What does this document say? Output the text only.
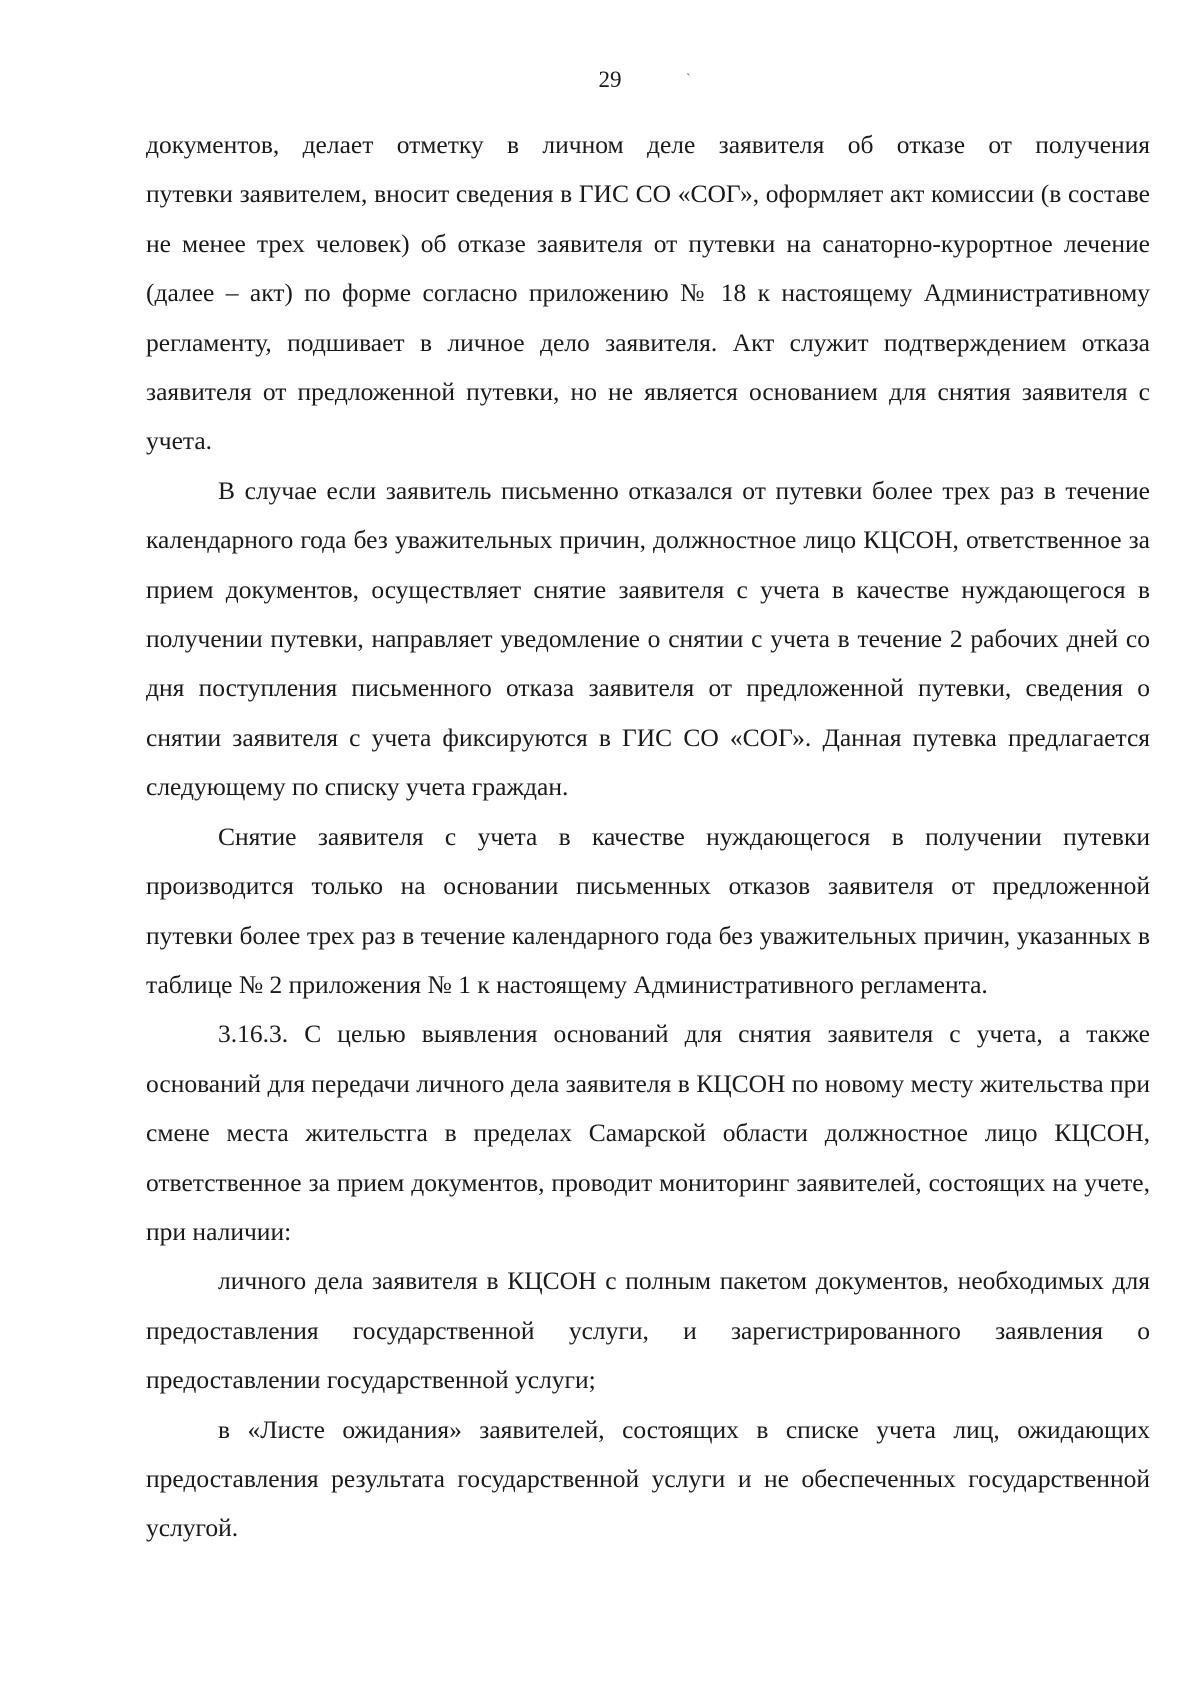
29	ˋ

документов, делает отметку в личном деле заявителя об отказе от получения

путевки заявителем, вносит сведения в ГИС СО «СОГ», оформляет акт комиссии (в составе не менее трех человек) об отказе заявителя от путевки на санаторно-курортное лечение (далее – акт) по форме согласно приложению № 18 к настоящему Административному регламенту, подшивает в личное дело заявителя. Акт служит подтверждением отказа заявителя от предложенной путевки, но не является основанием для снятия заявителя с учета.

В случае если заявитель письменно отказался от путевки более трех раз в течение календарного года без уважительных причин, должностное лицо КЦСОН, ответственное за прием документов, осуществляет снятие заявителя с учета в качестве нуждающегося в получении путевки, направляет уведомление о снятии с учета в течение 2 рабочих дней со дня поступления письменного отказа заявителя от предложенной путевки, сведения о снятии заявителя с учета фиксируются в ГИС СО «СОГ». Данная путевка предлагается следующему по списку учета граждан.

Снятие заявителя с учета в качестве нуждающегося в получении путевки производится только на основании письменных отказов заявителя от предложенной путевки более трех раз в течение календарного года без уважительных причин, указанных в таблице № 2 приложения № 1 к настоящему Административного регламента.

3.16.3. С целью выявления оснований для снятия заявителя с учета, а также оснований для передачи личного дела заявителя в КЦСОН по новому месту жительства при смене места жительстга в пределах Самарской области должностное лицо КЦСОН, ответственное за прием документов, проводит мониторинг заявителей, состоящих на учете, при наличии:

личного дела заявителя в КЦСОН с полным пакетом документов, необходимых для предоставления государственной услуги, и зарегистрированного заявления о предоставлении государственной услуги;

в «Листе ожидания» заявителей, состоящих в списке учета лиц, ожидающих предоставления результата государственной услуги и не обеспеченных государственной услугой.
